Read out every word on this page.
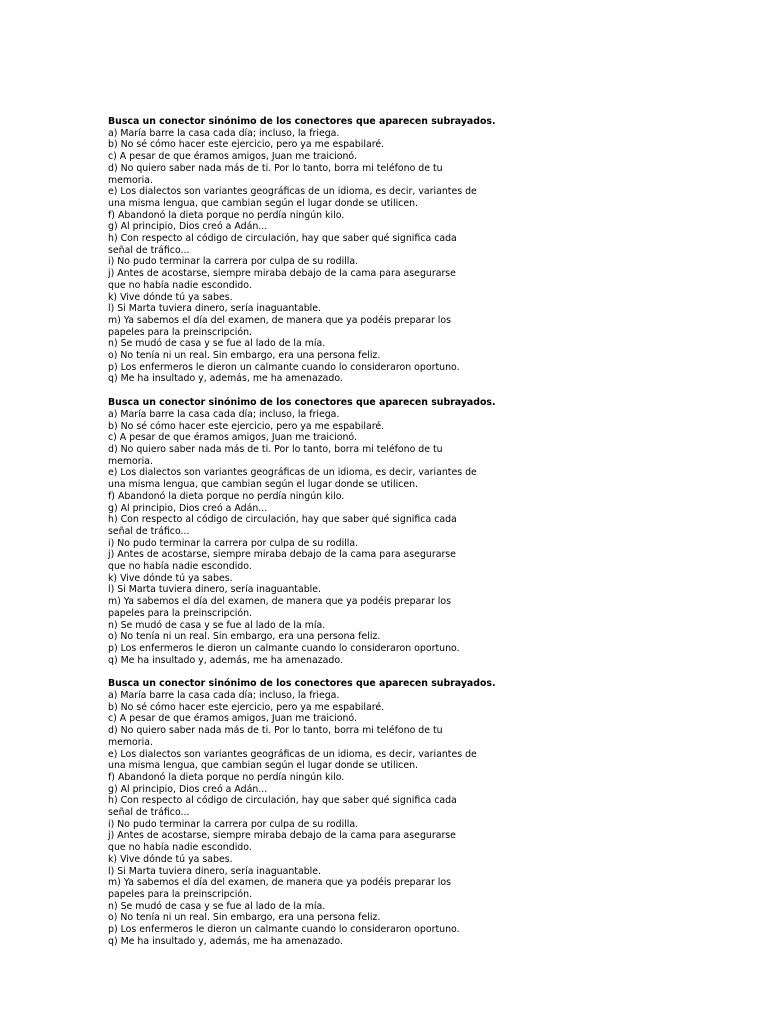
Busca un conector sinónimo de los conectores que aparecen subrayados.
a) María barre la casa cada día; incluso, la friega.
b) No sé cómo hacer este ejercicio, pero ya me espabilaré.
c) A pesar de que éramos amigos, Juan me traicionó.
d) No quiero saber nada más de ti. Por lo tanto, borra mi teléfono de tu
memoria.
e) Los dialectos son variantes geográficas de un idioma, es decir, variantes de
una misma lengua, que cambian según el lugar donde se utilicen.
f) Abandonó la dieta porque no perdía ningún kilo.
g) Al principio, Dios creó a Adán...
h) Con respecto al código de circulación, hay que saber qué significa cada
señal de tráfico...
i) No pudo terminar la carrera por culpa de su rodilla.
j) Antes de acostarse, siempre miraba debajo de la cama para asegurarse
que no había nadie escondido.
k) Vive dónde tú ya sabes.
l) Si Marta tuviera dinero, sería inaguantable.
m) Ya sabemos el día del examen, de manera que ya podéis preparar los
papeles para la preinscripción.
n) Se mudó de casa y se fue al lado de la mía.
o) No tenía ni un real. Sin embargo, era una persona feliz.
p) Los enfermeros le dieron un calmante cuando lo consideraron oportuno.
q) Me ha insultado y, además, me ha amenazado.
Busca un conector sinónimo de los conectores que aparecen subrayados.
a) María barre la casa cada día; incluso, la friega.
b) No sé cómo hacer este ejercicio, pero ya me espabilaré.
c) A pesar de que éramos amigos, Juan me traicionó.
d) No quiero saber nada más de ti. Por lo tanto, borra mi teléfono de tu
memoria.
e) Los dialectos son variantes geográficas de un idioma, es decir, variantes de
una misma lengua, que cambian según el lugar donde se utilicen.
f) Abandonó la dieta porque no perdía ningún kilo.
g) Al principio, Dios creó a Adán...
h) Con respecto al código de circulación, hay que saber qué significa cada
señal de tráfico...
i) No pudo terminar la carrera por culpa de su rodilla.
j) Antes de acostarse, siempre miraba debajo de la cama para asegurarse
que no había nadie escondido.
k) Vive dónde tú ya sabes.
l) Si Marta tuviera dinero, sería inaguantable.
m) Ya sabemos el día del examen, de manera que ya podéis preparar los
papeles para la preinscripción.
n) Se mudó de casa y se fue al lado de la mía.
o) No tenía ni un real. Sin embargo, era una persona feliz.
p) Los enfermeros le dieron un calmante cuando lo consideraron oportuno.
q) Me ha insultado y, además, me ha amenazado.
Busca un conector sinónimo de los conectores que aparecen subrayados.
a) María barre la casa cada día; incluso, la friega.
b) No sé cómo hacer este ejercicio, pero ya me espabilaré.
c) A pesar de que éramos amigos, Juan me traicionó.
d) No quiero saber nada más de ti. Por lo tanto, borra mi teléfono de tu
memoria.
e) Los dialectos son variantes geográficas de un idioma, es decir, variantes de
una misma lengua, que cambian según el lugar donde se utilicen.
f) Abandonó la dieta porque no perdía ningún kilo.
g) Al principio, Dios creó a Adán...
h) Con respecto al código de circulación, hay que saber qué significa cada
señal de tráfico...
i) No pudo terminar la carrera por culpa de su rodilla.
j) Antes de acostarse, siempre miraba debajo de la cama para asegurarse
que no había nadie escondido.
k) Vive dónde tú ya sabes.
l) Si Marta tuviera dinero, sería inaguantable.
m) Ya sabemos el día del examen, de manera que ya podéis preparar los
papeles para la preinscripción.
n) Se mudó de casa y se fue al lado de la mía.
o) No tenía ni un real. Sin embargo, era una persona feliz.
p) Los enfermeros le dieron un calmante cuando lo consideraron oportuno.
q) Me ha insultado y, además, me ha amenazado.
